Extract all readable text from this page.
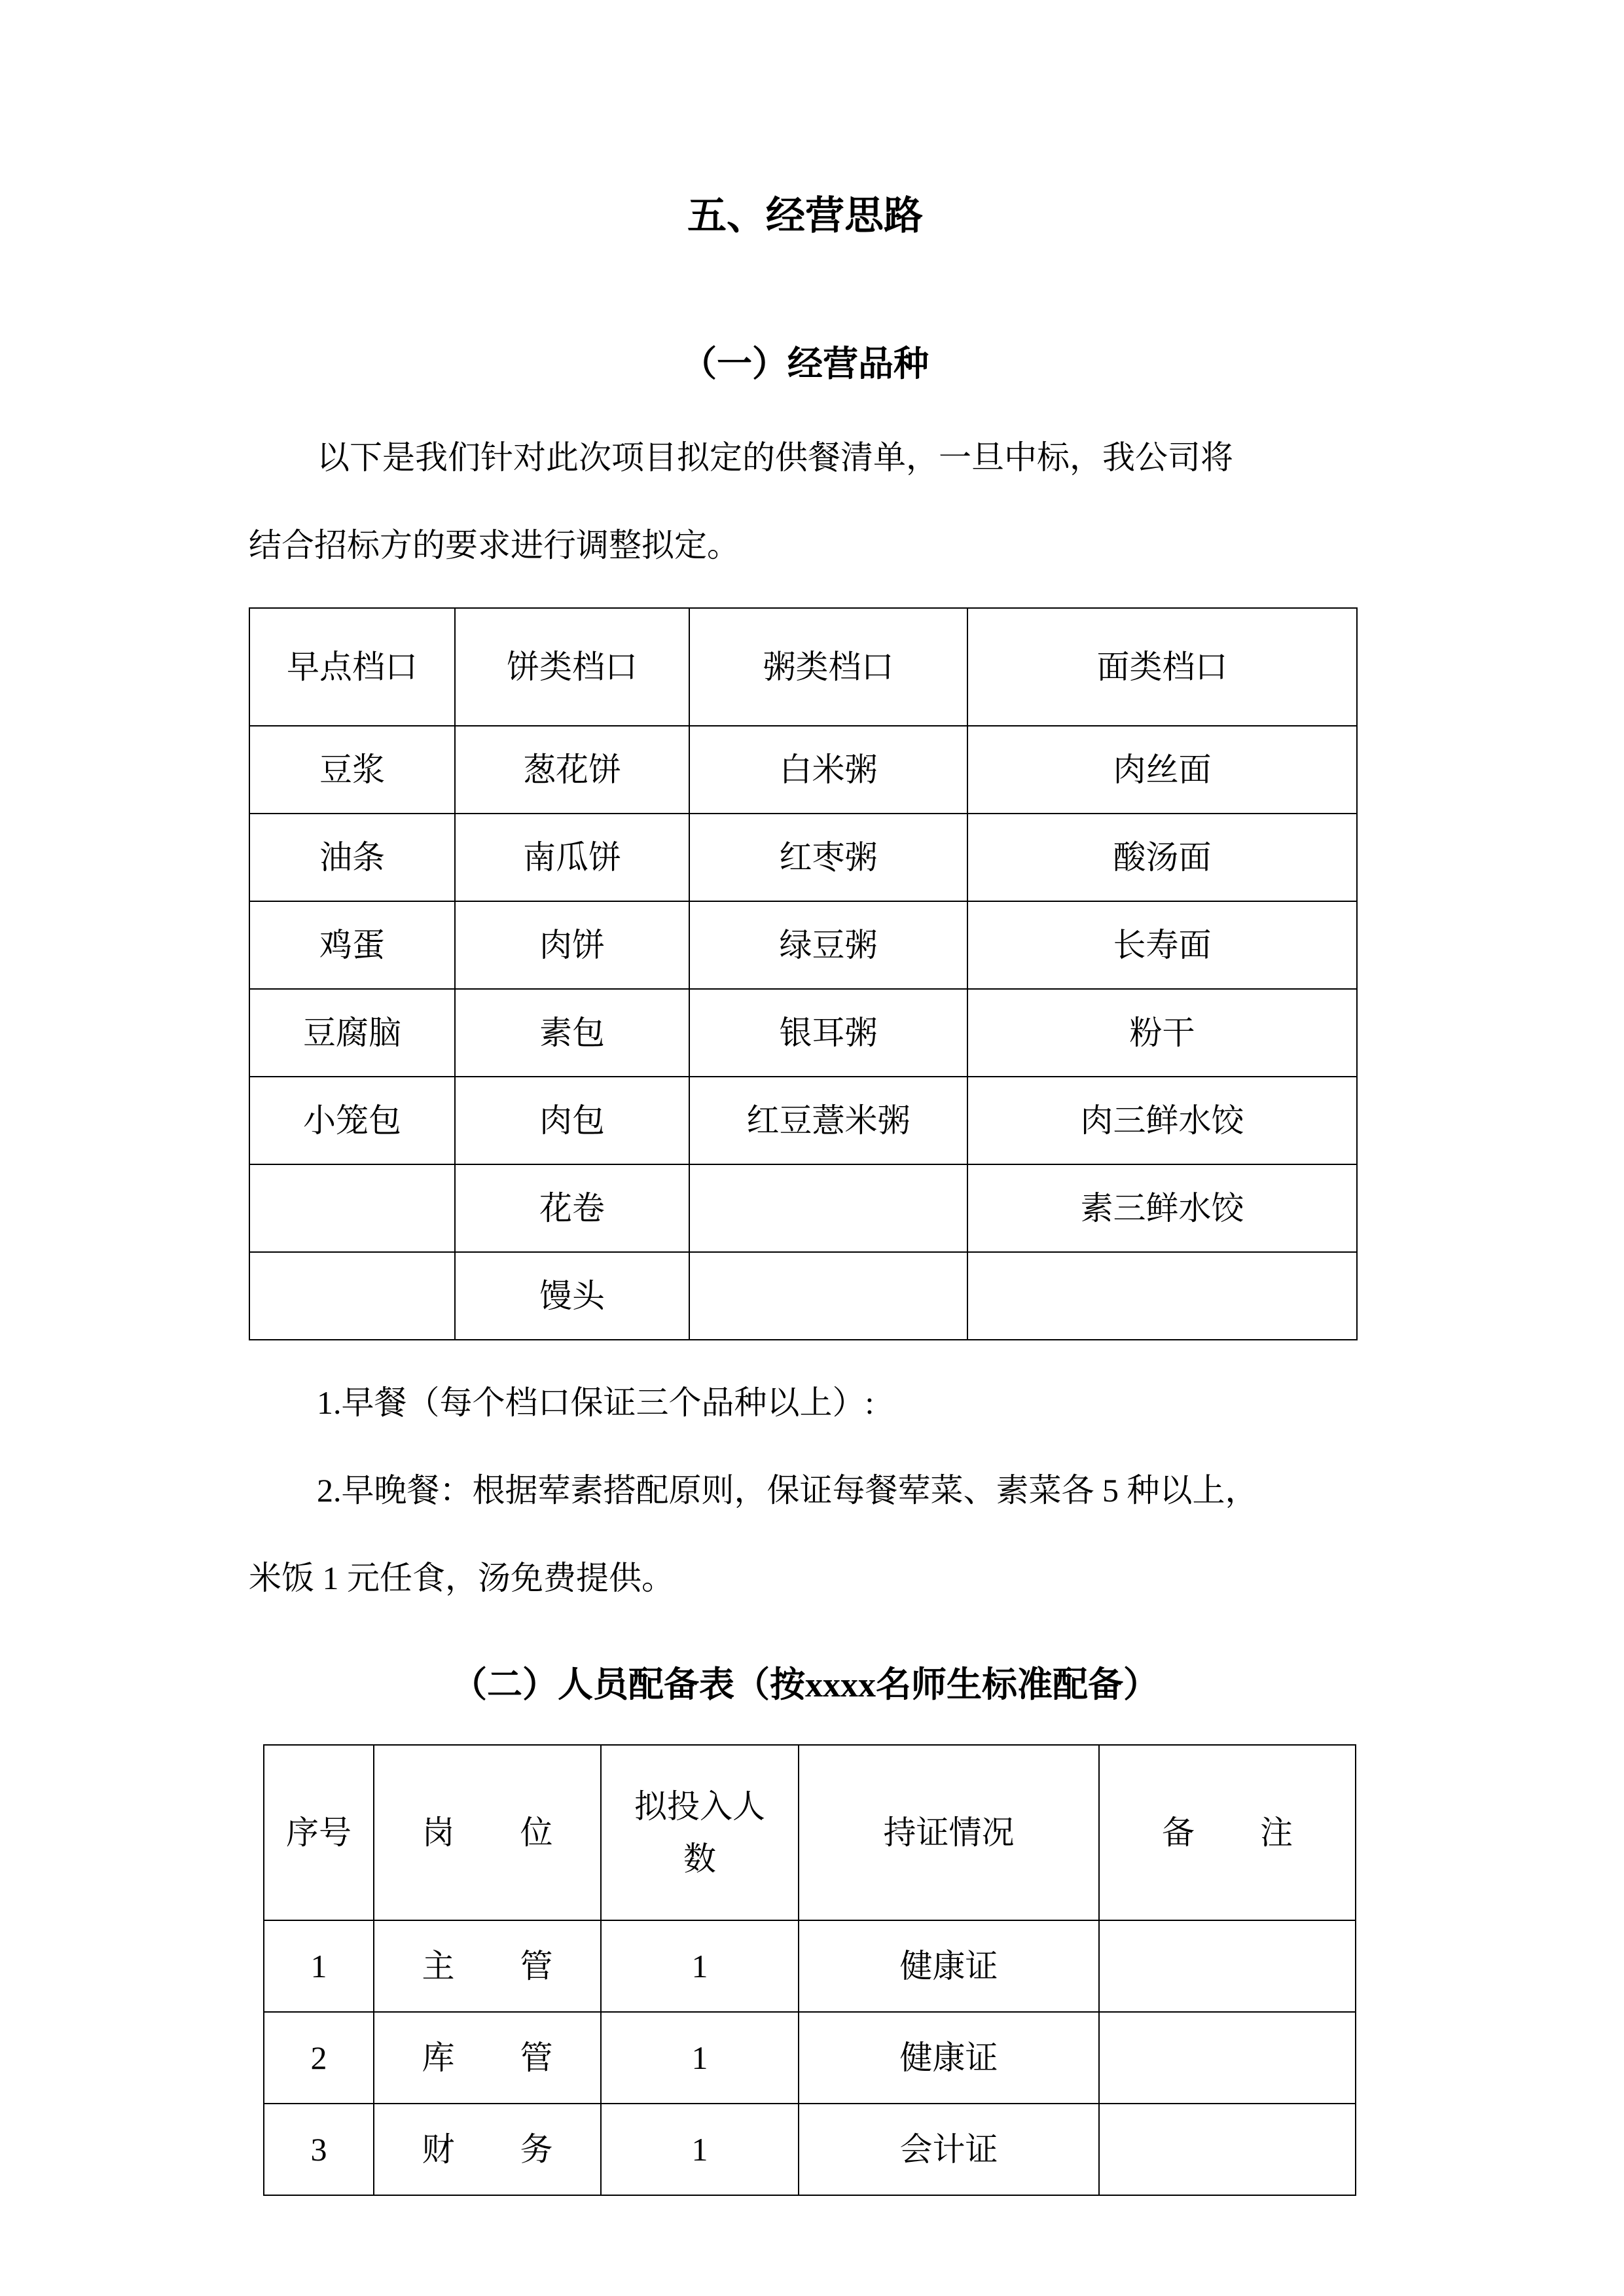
五、经营思路
（一）经营品种

以下是我们针对此次项目拟定的供餐清单，一旦中标，我公司将

结合招标方的要求进行调整拟定。

早点档口	饼类档口	粥类档口	面类档口
豆浆	葱花饼	白米粥	肉丝面
油条	南瓜饼	红枣粥	酸汤面
鸡蛋	肉饼	绿豆粥	长寿面
豆腐脑	素包	银耳粥	粉干
小笼包	肉包	红豆薏米粥	肉三鲜水饺
	花卷		素三鲜水饺
	馒头		

1.早餐（每个档口保证三个品种以上）:

2.早晚餐：根据荤素搭配原则，保证每餐荤菜、素菜各 5 种以上，

米饭 1 元任食，汤免费提供。

（二）人员配备表（按xxxx名师生标准配备）
序号	岗　　位	拟投入人数	持证情况	备　　注
1	主　　管	1	健康证	
2	库　　管	1	健康证	
3	财　　务	1	会计证	
